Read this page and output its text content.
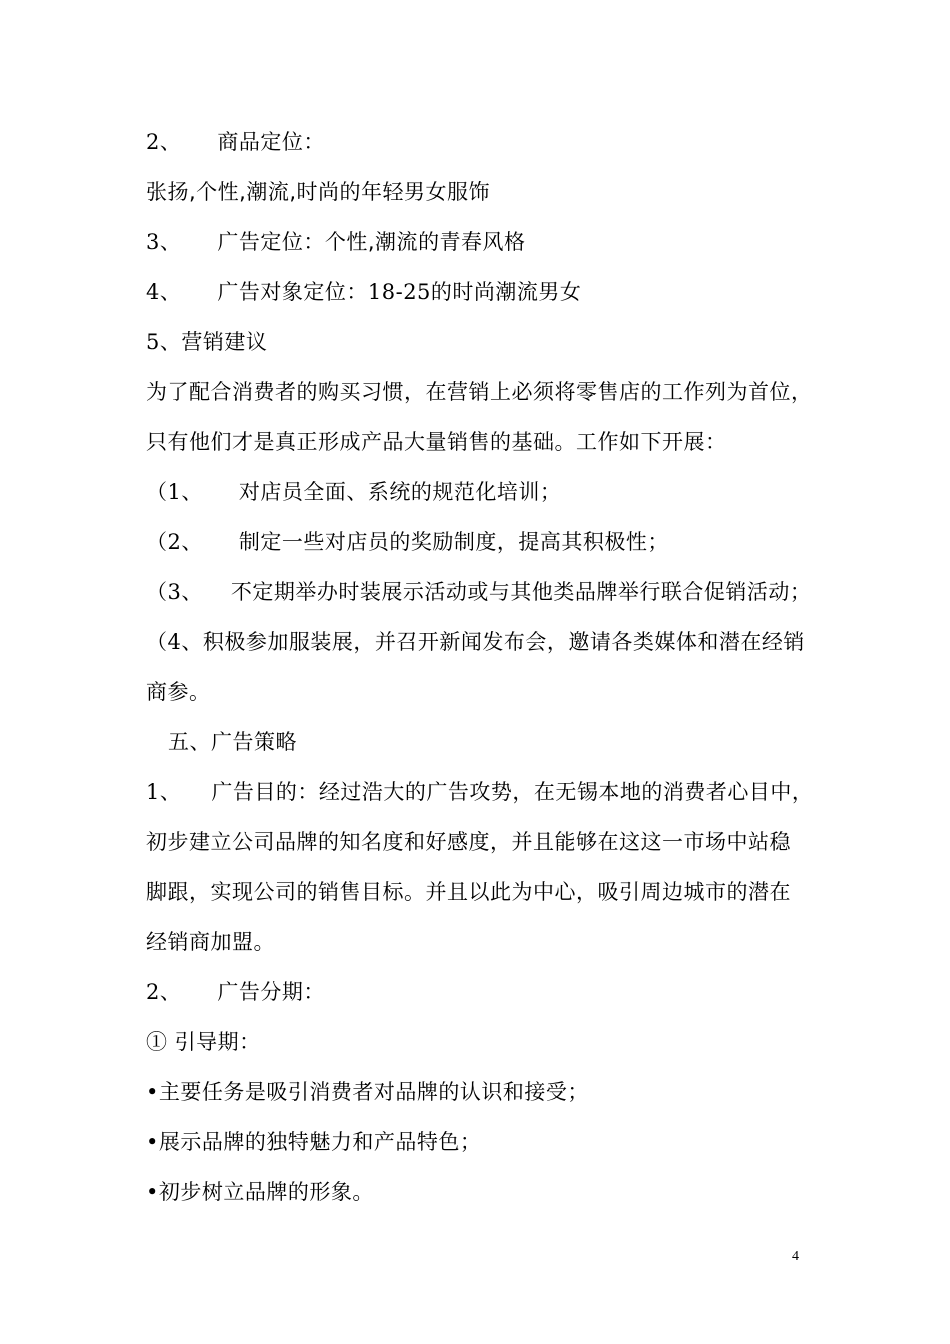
2、 商品定位：
张扬,个性,潮流,时尚的年轻男女服饰
3、 广告定位：个性,潮流的青春风格
4、 广告对象定位：18-25的时尚潮流男女
5、营销建议
为了配合消费者的购买习惯，在营销上必须将零售店的工作列为首位，
只有他们才是真正形成产品大量销售的基础。工作如下开展：
（1、 对店员全面、系统的规范化培训；
（2、 制定一些对店员的奖励制度，提高其积极性；
（3、 不定期举办时装展示活动或与其他类品牌举行联合促销活动；
（4、积极参加服装展，并召开新闻发布会，邀请各类媒体和潜在经销
商参。
五、广告策略
1、 广告目的：经过浩大的广告攻势，在无锡本地的消费者心目中，
初步建立公司品牌的知名度和好感度，并且能够在这这一市场中站稳
脚跟，实现公司的销售目标。并且以此为中心，吸引周边城市的潜在
经销商加盟。
2、 广告分期：
① 引导期：
•主要任务是吸引消费者对品牌的认识和接受；
•展示品牌的独特魅力和产品特色；
•初步树立品牌的形象。
4
